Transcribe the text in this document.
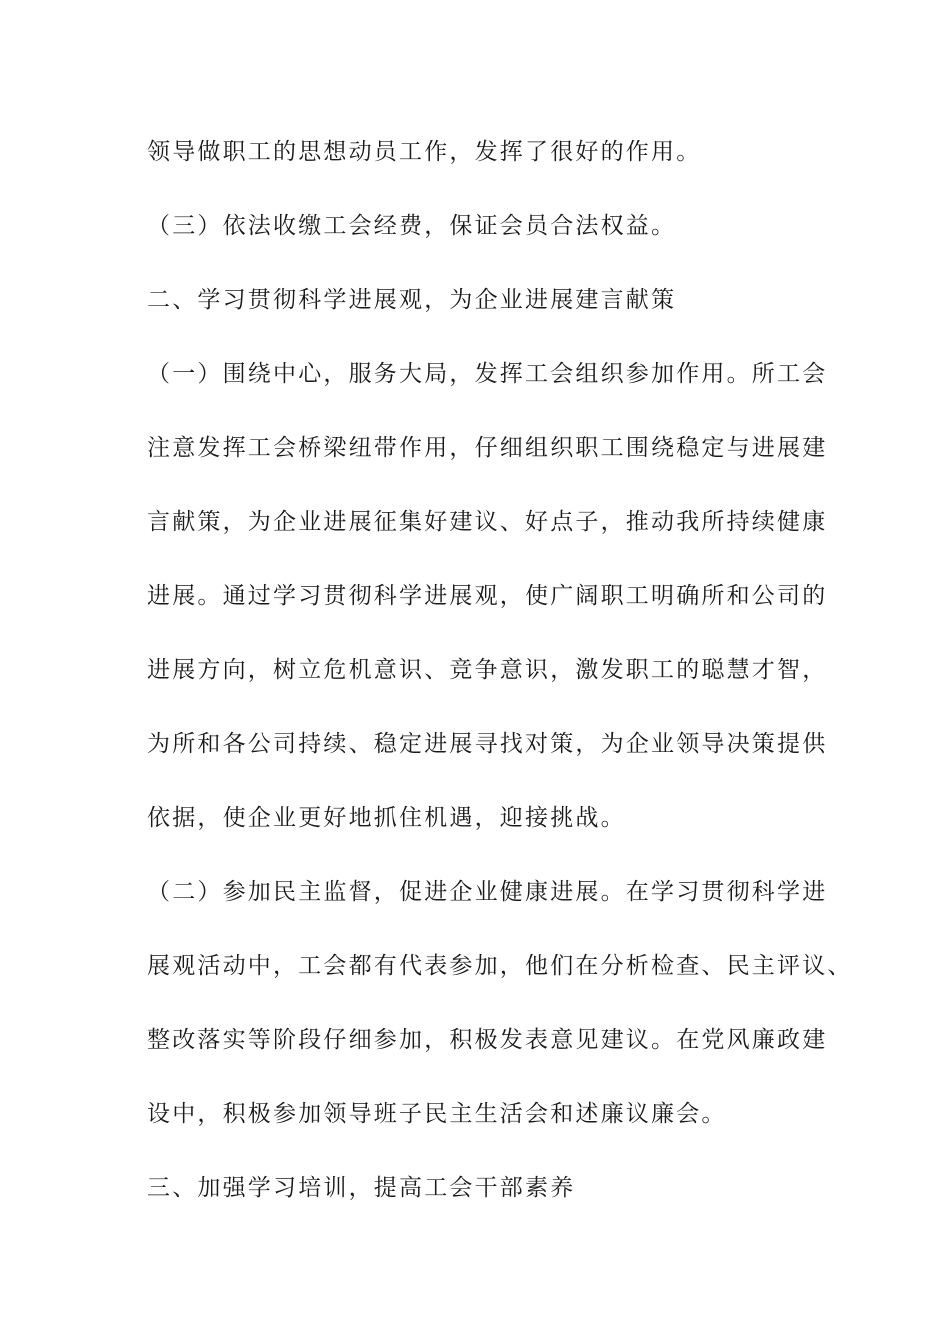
领导做职工的思想动员工作，发挥了很好的作用。

（三）依法收缴工会经费，保证会员合法权益。

二、学习贯彻科学进展观，为企业进展建言献策

（一）围绕中心，服务大局，发挥工会组织参加作用。所工会

注意发挥工会桥梁纽带作用，仔细组织职工围绕稳定与进展建

言献策，为企业进展征集好建议、好点子，推动我所持续健康

进展。通过学习贯彻科学进展观，使广阔职工明确所和公司的

进展方向，树立危机意识、竞争意识，激发职工的聪慧才智，

为所和各公司持续、稳定进展寻找对策，为企业领导决策提供

依据，使企业更好地抓住机遇，迎接挑战。

（二）参加民主监督，促进企业健康进展。在学习贯彻科学进

展观活动中，工会都有代表参加，他们在分析检查、民主评议、

整改落实等阶段仔细参加，积极发表意见建议。在党风廉政建

设中，积极参加领导班子民主生活会和述廉议廉会。

三、加强学习培训，提高工会干部素养
